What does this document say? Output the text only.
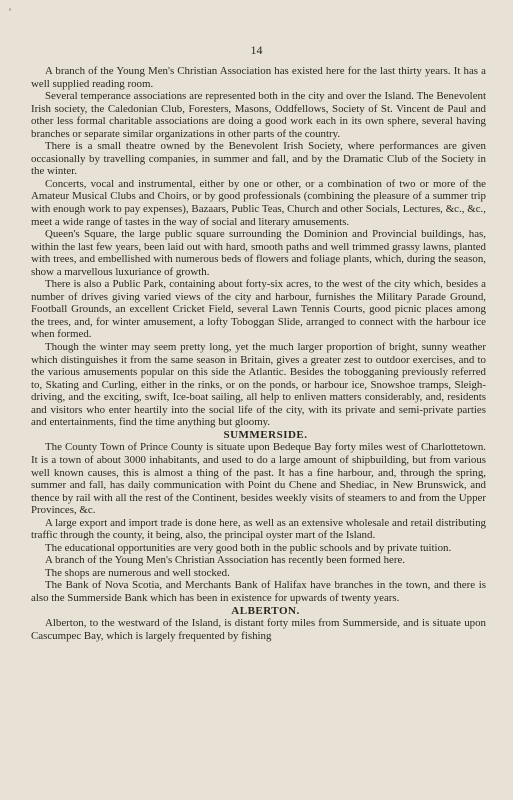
14

A branch of the Young Men's Christian Association has existed here for the last thirty years. It has a well supplied reading room.

Several temperance associations are represented both in the city and over the Island. The Benevolent Irish society, the Caledonian Club, Foresters, Masons, Oddfellows, Society of St. Vincent de Paul and other less formal charitable associations are doing a good work each in its own sphere, several having branches or separate similar organizations in other parts of the country.

There is a small theatre owned by the Benevolent Irish Society, where performances are given occasionally by travelling companies, in summer and fall, and by the Dramatic Club of the Society in the winter.

Concerts, vocal and instrumental, either by one or other, or a combination of two or more of the Amateur Musical Clubs and Choirs, or by good professionals (combining the pleasure of a summer trip with enough work to pay expenses), Bazaars, Public Teas, Church and other Socials, Lectures, &c., &c., meet a wide range of tastes in the way of social and literary amusements.

Queen's Square, the large public square surrounding the Dominion and Provincial buildings, has, within the last few years, been laid out with hard, smooth paths and well trimmed grassy lawns, planted with trees, and embellished with numerous beds of flowers and foliage plants, which, during the season, show a marvellous luxuriance of growth.

There is also a Public Park, containing about forty-six acres, to the west of the city which, besides a number of drives giving varied views of the city and harbour, furnishes the Military Parade Ground, Football Grounds, an excellent Cricket Field, several Lawn Tennis Courts, good picnic places among the trees, and, for winter amusement, a lofty Toboggan Slide, arranged to connect with the harbour ice when formed.

Though the winter may seem pretty long, yet the much larger proportion of bright, sunny weather which distinguishes it from the same season in Britain, gives a greater zest to outdoor exercises, and to the various amusements popular on this side the Atlantic. Besides the tobogganing previously referred to, Skating and Curling, either in the rinks, or on the ponds, or harbour ice, Snowshoe tramps, Sleigh-driving, and the exciting, swift, Ice-boat sailing, all help to enliven matters considerably, and, residents and visitors who enter heartily into the social life of the city, with its private and semi-private parties and entertainments, find the time anything but gloomy.

SUMMERSIDE.

The County Town of Prince County is situate upon Bedeque Bay forty miles west of Charlottetown. It is a town of about 3000 inhabitants, and used to do a large amount of shipbuilding, but from various well known causes, this is almost a thing of the past. It has a fine harbour, and, through the spring, summer and fall, has daily communication with Point du Chene and Shediac, in New Brunswick, and thence by rail with all the rest of the Continent, besides weekly visits of steamers to and from the Upper Provinces, &c.

A large export and import trade is done here, as well as an extensive wholesale and retail distributing traffic through the county, it being, also, the principal oyster mart of the Island.

The educational opportunities are very good both in the public schools and by private tuition.

A branch of the Young Men's Christian Association has recently been formed here.

The shops are numerous and well stocked.

The Bank of Nova Scotia, and Merchants Bank of Halifax have branches in the town, and there is also the Summerside Bank which has been in existence for upwards of twenty years.

ALBERTON.

Alberton, to the westward of the Island, is distant forty miles from Summerside, and is situate upon Cascumpec Bay, which is largely frequented by fishing
